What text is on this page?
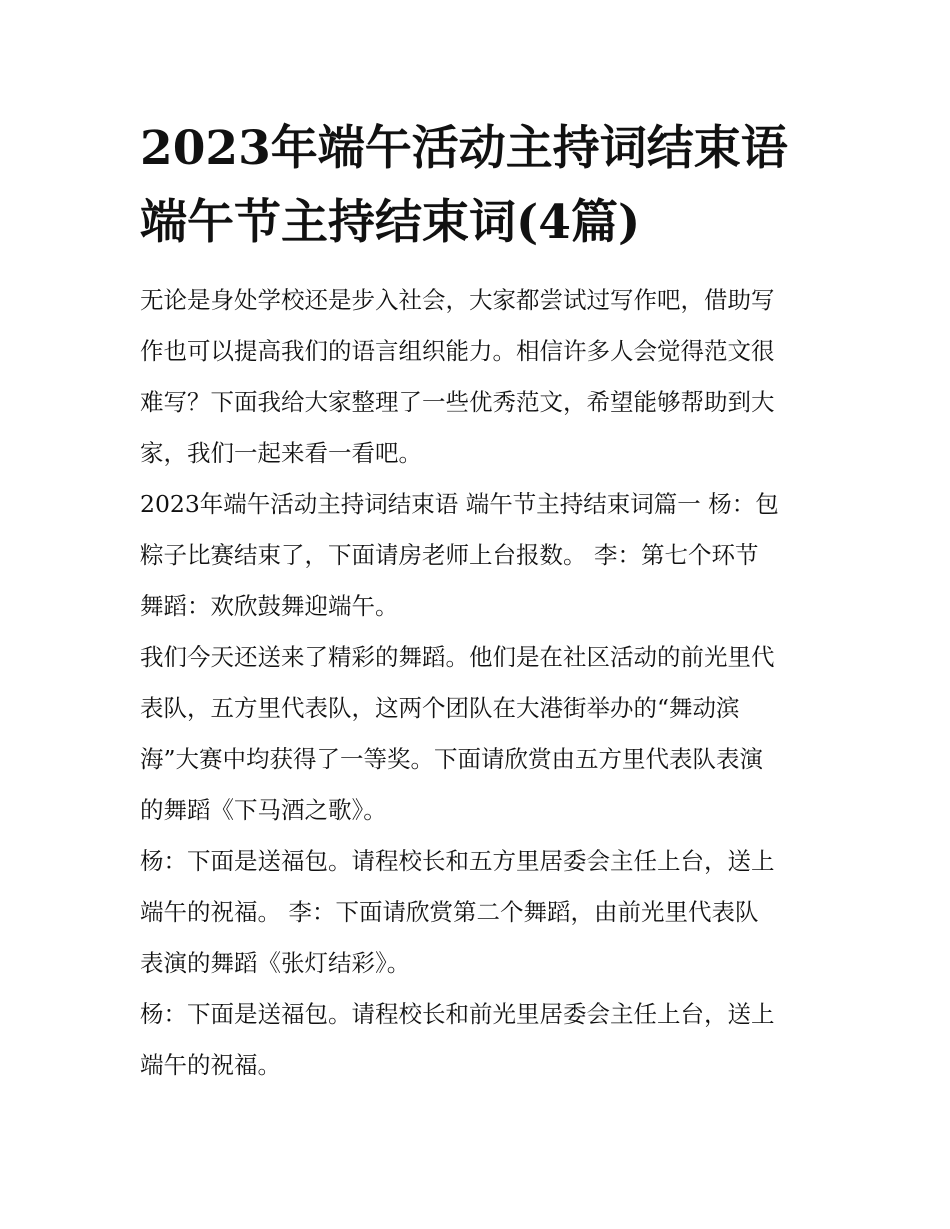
2023年端午活动主持词结束语
端午节主持结束词(4篇)

无论是身处学校还是步入社会，大家都尝试过写作吧，借助写
作也可以提高我们的语言组织能力。相信许多人会觉得范文很
难写？下面我给大家整理了一些优秀范文，希望能够帮助到大
家，我们一起来看一看吧。

2023年端午活动主持词结束语 端午节主持结束词篇一 杨：包
粽子比赛结束了，下面请房老师上台报数。 李：第七个环节
舞蹈：欢欣鼓舞迎端午。

我们今天还送来了精彩的舞蹈。他们是在社区活动的前光里代
表队，五方里代表队，这两个团队在大港街举办的“舞动滨
海”大赛中均获得了一等奖。下面请欣赏由五方里代表队表演
的舞蹈《下马酒之歌》。

杨：下面是送福包。请程校长和五方里居委会主任上台，送上
端午的祝福。 李：下面请欣赏第二个舞蹈，由前光里代表队
表演的舞蹈《张灯结彩》。

杨：下面是送福包。请程校长和前光里居委会主任上台，送上
端午的祝福。
